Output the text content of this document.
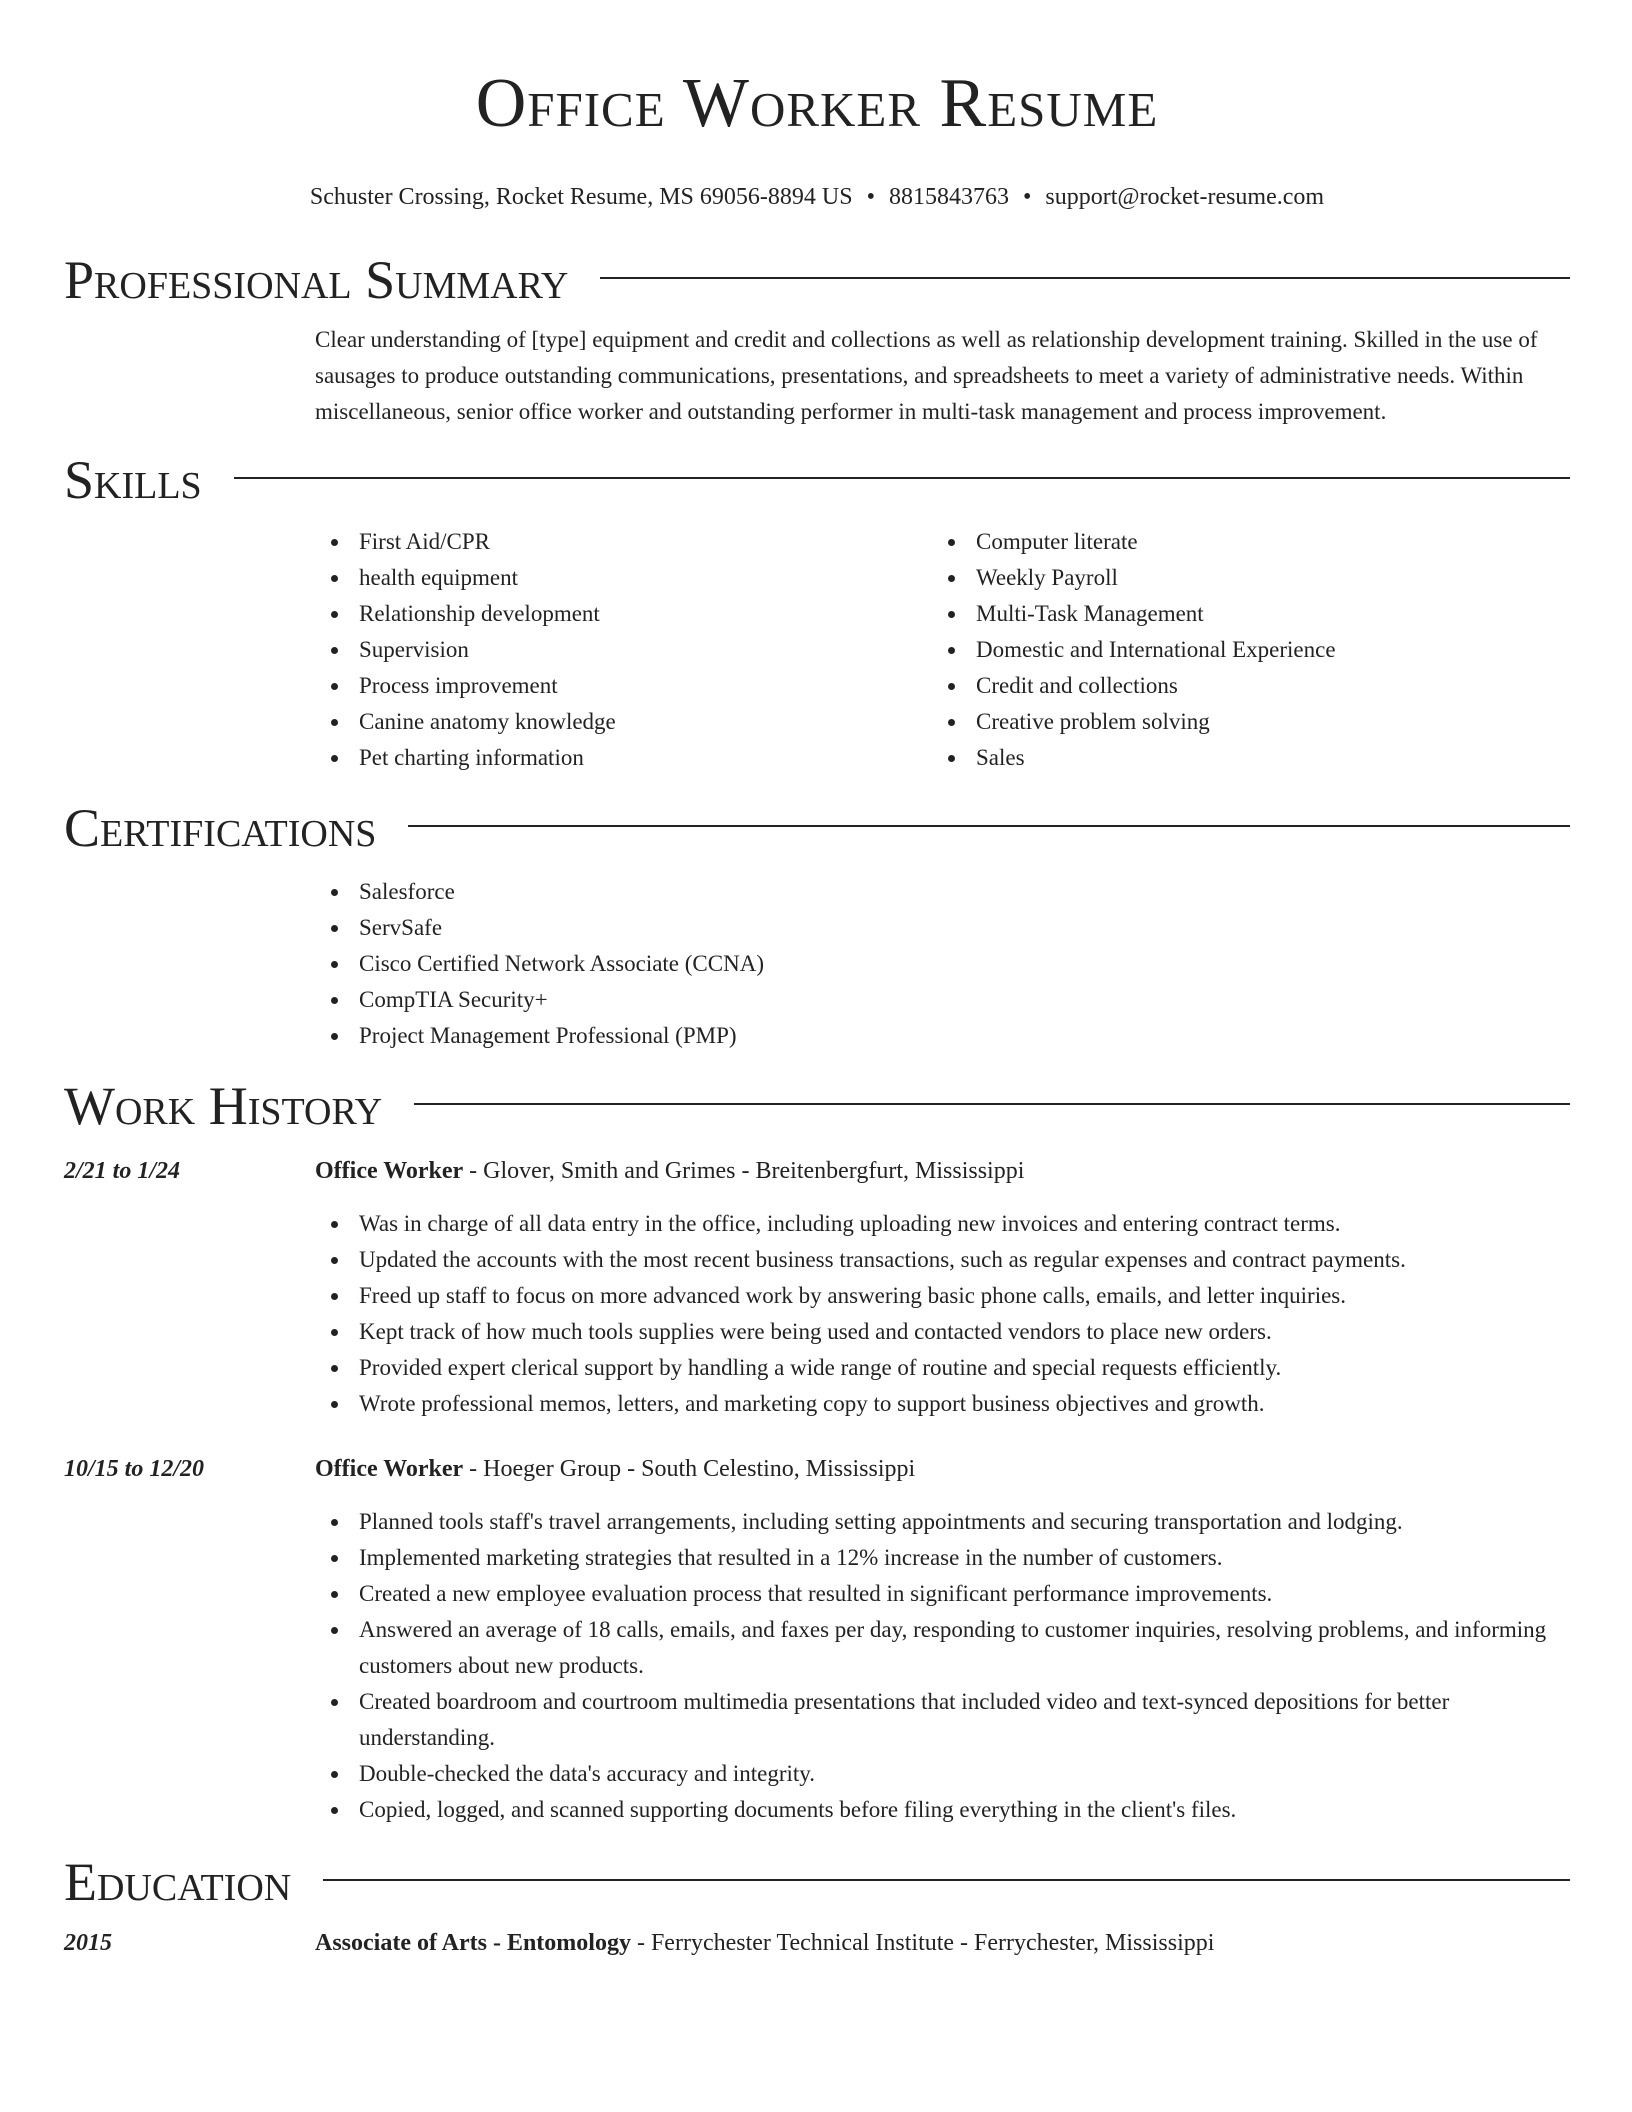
Office Worker Resume
Schuster Crossing, Rocket Resume, MS 69056-8894 US • 8815843763 • support@rocket-resume.com
Professional Summary
Clear understanding of [type] equipment and credit and collections as well as relationship development training. Skilled in the use of sausages to produce outstanding communications, presentations, and spreadsheets to meet a variety of administrative needs. Within miscellaneous, senior office worker and outstanding performer in multi-task management and process improvement.
Skills
First Aid/CPR
health equipment
Relationship development
Supervision
Process improvement
Canine anatomy knowledge
Pet charting information
Computer literate
Weekly Payroll
Multi-Task Management
Domestic and International Experience
Credit and collections
Creative problem solving
Sales
Certifications
Salesforce
ServSafe
Cisco Certified Network Associate (CCNA)
CompTIA Security+
Project Management Professional (PMP)
Work History
2/21 to 1/24	Office Worker - Glover, Smith and Grimes - Breitenbergfurt, Mississippi
Was in charge of all data entry in the office, including uploading new invoices and entering contract terms.
Updated the accounts with the most recent business transactions, such as regular expenses and contract payments.
Freed up staff to focus on more advanced work by answering basic phone calls, emails, and letter inquiries.
Kept track of how much tools supplies were being used and contacted vendors to place new orders.
Provided expert clerical support by handling a wide range of routine and special requests efficiently.
Wrote professional memos, letters, and marketing copy to support business objectives and growth.
10/15 to 12/20	Office Worker - Hoeger Group - South Celestino, Mississippi
Planned tools staff's travel arrangements, including setting appointments and securing transportation and lodging.
Implemented marketing strategies that resulted in a 12% increase in the number of customers.
Created a new employee evaluation process that resulted in significant performance improvements.
Answered an average of 18 calls, emails, and faxes per day, responding to customer inquiries, resolving problems, and informing customers about new products.
Created boardroom and courtroom multimedia presentations that included video and text-synced depositions for better understanding.
Double-checked the data's accuracy and integrity.
Copied, logged, and scanned supporting documents before filing everything in the client's files.
Education
2015	Associate of Arts - Entomology - Ferrychester Technical Institute - Ferrychester, Mississippi
